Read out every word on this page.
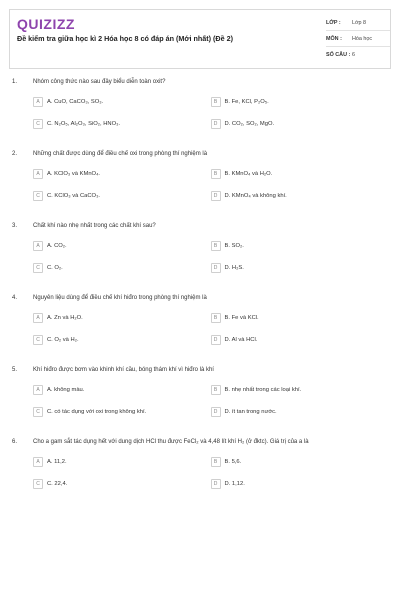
QUIZIZZ
Đề kiểm tra giữa học kì 2 Hóa học 8 có đáp án (Mới nhất) (Đề 2)
LỚP :	Lớp 8
MÔN :	Hóa học
SỐ CÂU : 6
1.	Nhóm công thức nào sau đây biểu diễn toàn oxit?
A	A. CuO, CaCO₃, SO₃.	B	B. Fe, KCl, P₂O₅.
C	C. N₂O₅, Al₂O₃, SiO₂, HNO₃.	D	D. CO₂, SO₂, MgO.
2.	Những chất được dùng để điều chế oxi trong phòng thí nghiệm là
A	A. KClO₃ và KMnO₄.	B	B. KMnO₄ và H₂O.
C	C. KClO₃ và CaCO₃.	D	D. KMnO₄ và không khí.
3.	Chất khí nào nhẹ nhất trong các chất khí sau?
A	A. CO₂.	B	B. SO₂.
C	C. O₂.	D	D. H₂S.
4.	Nguyên liệu dùng để điều chế khí hiđro trong phòng thí nghiệm là
A	A. Zn và H₂O.	B	B. Fe và KCl.
C	C. O₂ và H₂.	D	D. Al và HCl.
5.	Khí hiđro được bơm vào khinh khí cầu, bóng thám khí vì hiđro là khí
A	A. không màu.	B	B. nhẹ nhất trong các loại khí.
C	C. có tác dụng với oxi trong không khí.	D	D. ít tan trong nước.
6.	Cho a gam sắt tác dụng hết với dung dịch HCl thu được FeCl₂ và 4,48 lít khí H₂ (ở đktc). Giá trị của a là
A	A. 11,2.	B	B. 5,6.
C	C. 22,4.	D	D. 1,12.
